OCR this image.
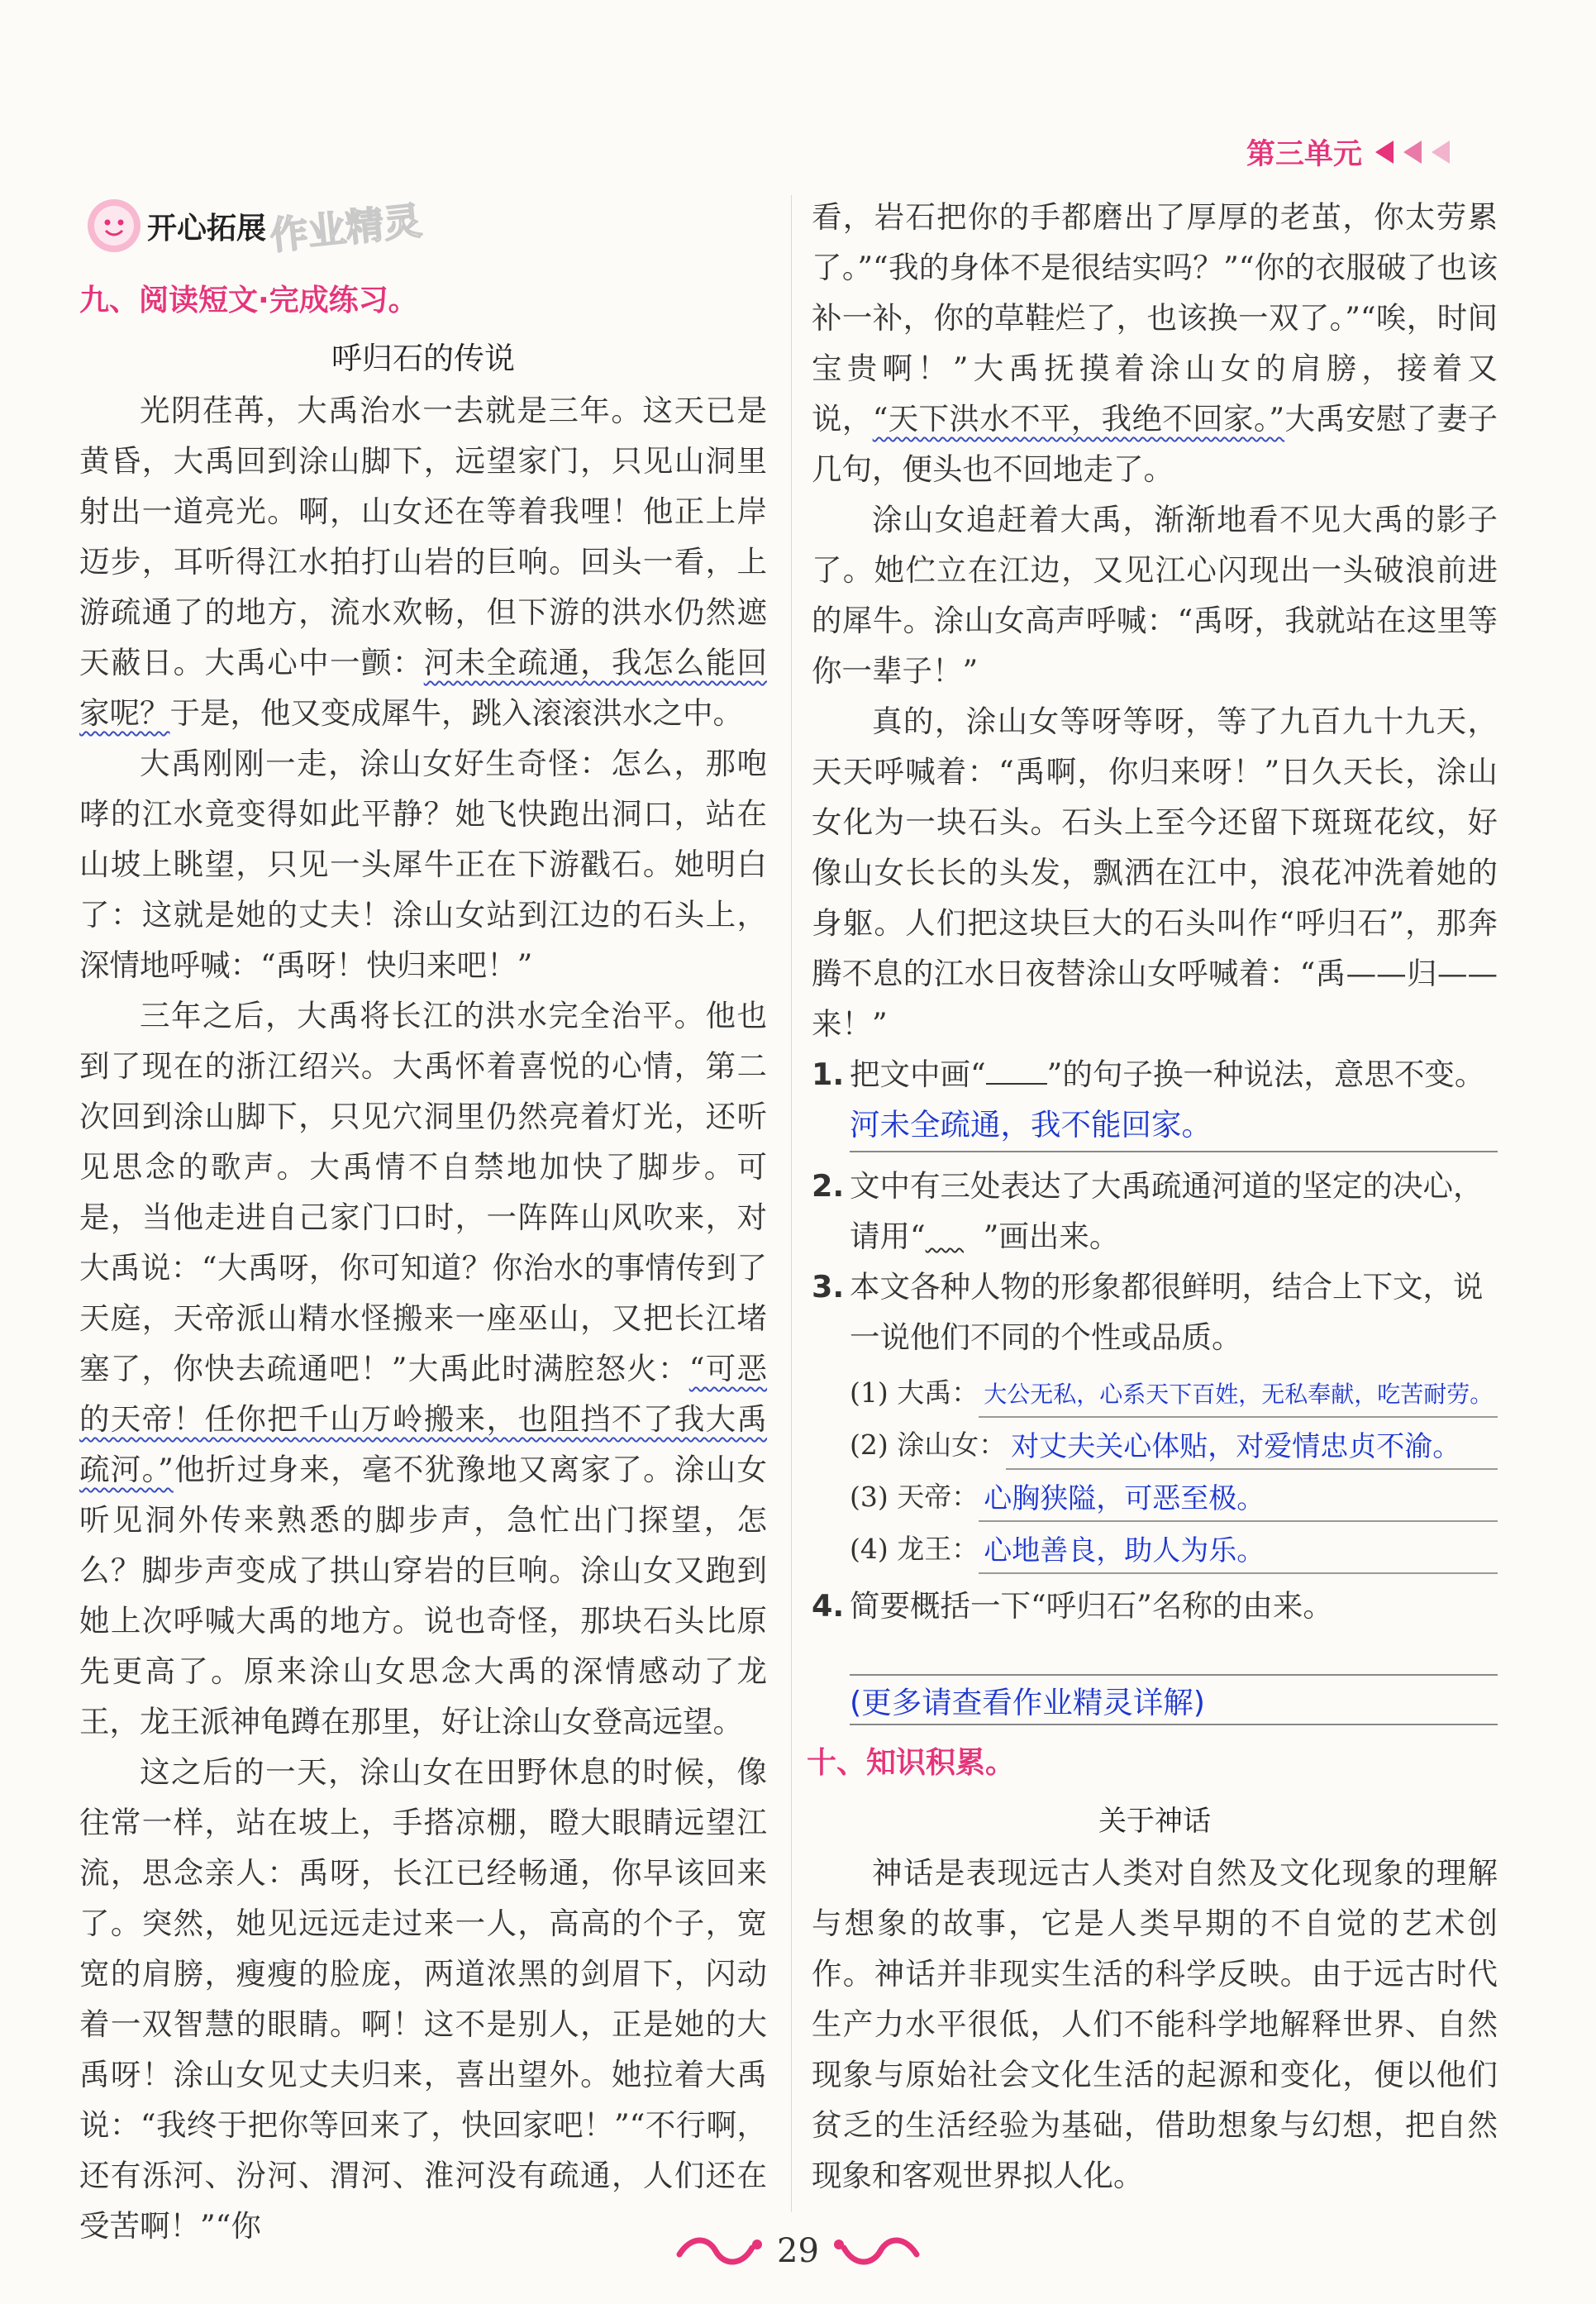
第三单元
开心拓展 作业精灵
九、阅读短文·完成练习。
呼归石的传说

光阴荏苒，大禹治水一去就是三年。这天已是黄昏，大禹回到涂山脚下，远望家门，只见山洞里射出一道亮光。啊，山女还在等着我哩！他正上岸迈步，耳听得江水拍打山岩的巨响。回头一看，上游疏通了的地方，流水欢畅，但下游的洪水仍然遮天蔽日。大禹心中一颤：河未全疏通，我怎么能回家呢？于是，他又变成犀牛，跳入滚滚洪水之中。

大禹刚刚一走，涂山女好生奇怪：怎么，那咆哮的江水竟变得如此平静？她飞快跑出洞口，站在山坡上眺望，只见一头犀牛正在下游戳石。她明白了：这就是她的丈夫！涂山女站到江边的石头上，深情地呼喊：“禹呀！快归来吧！”

三年之后，大禹将长江的洪水完全治平。他也到了现在的浙江绍兴。大禹怀着喜悦的心情，第二次回到涂山脚下，只见穴洞里仍然亮着灯光，还听见思念的歌声。大禹情不自禁地加快了脚步。可是，当他走进自己家门口时，一阵阵山风吹来，对大禹说：“大禹呀，你可知道？你治水的事情传到了天庭，天帝派山精水怪搬来一座巫山，又把长江堵塞了，你快去疏通吧！”大禹此时满腔怒火：“可恶的天帝！任你把千山万岭搬来，也阻挡不了我大禹疏河。”他折过身来，毫不犹豫地又离家了。涂山女听见洞外传来熟悉的脚步声，急忙出门探望，怎么？脚步声变成了拱山穿岩的巨响。涂山女又跑到她上次呼喊大禹的地方。说也奇怪，那块石头比原先更高了。原来涂山女思念大禹的深情感动了龙王，龙王派神龟蹲在那里，好让涂山女登高远望。

这之后的一天，涂山女在田野休息的时候，像往常一样，站在坡上，手搭凉棚，瞪大眼睛远望江流，思念亲人：禹呀，长江已经畅通，你早该回来了。突然，她见远远走过来一人，高高的个子，宽宽的肩膀，瘦瘦的脸庞，两道浓黑的剑眉下，闪动着一双智慧的眼睛。啊！这不是别人，正是她的大禹呀！涂山女见丈夫归来，喜出望外。她拉着大禹说：“我终于把你等回来了，快回家吧！”“不行啊，还有泺河、汾河、渭河、淮河没有疏通，人们还在受苦啊！”“你

看，岩石把你的手都磨出了厚厚的老茧，你太劳累了。”“我的身体不是很结实吗？”“你的衣服破了也该补一补，你的草鞋烂了，也该换一双了。”“唉，时间宝贵啊！”大禹抚摸着涂山女的肩膀，接着又说，“天下洪水不平，我绝不回家。”大禹安慰了妻子几句，便头也不回地走了。

涂山女追赶着大禹，渐渐地看不见大禹的影子了。她伫立在江边，又见江心闪现出一头破浪前进的犀牛。涂山女高声呼喊：“禹呀，我就站在这里等你一辈子！”

真的，涂山女等呀等呀，等了九百九十九天，天天呼喊着：“禹啊，你归来呀！”日久天长，涂山女化为一块石头。石头上至今还留下斑斑花纹，好像山女长长的头发，飘洒在江中，浪花冲洗着她的身躯。人们把这块巨大的石头叫作“呼归石”，那奔腾不息的江水日夜替涂山女呼喊着：“禹——归——来！”

1. 把文中画“ ”的句子换一种说法，意思不变。
河未全疏通，我不能回家。
2. 文中有三处表达了大禹疏通河道的坚定的决心，请用“ ”画出来。
3. 本文各种人物的形象都很鲜明，结合上下文，说一说他们不同的个性或品质。
(1) 大禹： 大公无私，心系天下百姓，无私奉献，吃苦耐劳。
(2) 涂山女： 对丈夫关心体贴，对爱情忠贞不渝。
(3) 天帝： 心胸狭隘，可恶至极。
(4) 龙王： 心地善良，助人为乐。
4. 简要概括一下“呼归石”名称的由来。
(更多请查看作业精灵详解)
十、知识积累。
关于神话

神话是表现远古人类对自然及文化现象的理解与想象的故事，它是人类早期的不自觉的艺术创作。神话并非现实生活的科学反映。由于远古时代生产力水平很低，人们不能科学地解释世界、自然现象与原始社会文化生活的起源和变化，便以他们贫乏的生活经验为基础，借助想象与幻想，把自然现象和客观世界拟人化。

29
